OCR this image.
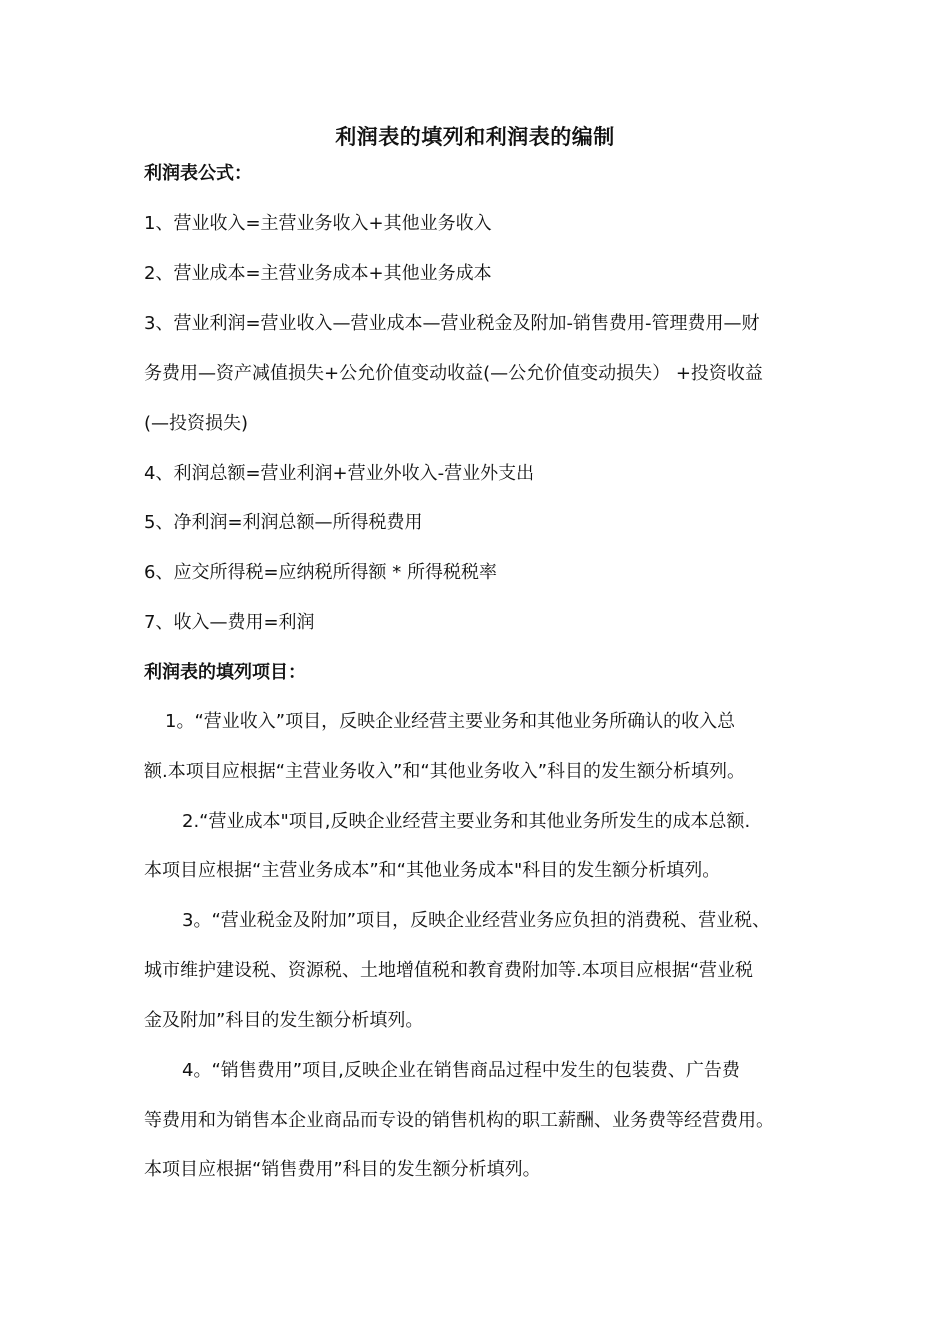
利润表的填列和利润表的编制
利润表公式：
1、营业收入=主营业务收入+其他业务收入
2、营业成本=主营业务成本+其他业务成本
3、营业利润=营业收入—营业成本—营业税金及附加-销售费用-管理费用—财
务费用—资产减值损失+公允价值变动收益(—公允价值变动损失） +投资收益
(—投资损失)
4、利润总额=营业利润+营业外收入-营业外支出
5、净利润=利润总额—所得税费用
6、应交所得税=应纳税所得额 * 所得税税率
7、收入—费用=利润
利润表的填列项目：
1。“营业收入”项目，反映企业经营主要业务和其他业务所确认的收入总
额.本项目应根据“主营业务收入”和“其他业务收入”科目的发生额分析填列。
2.“营业成本"项目,反映企业经营主要业务和其他业务所发生的成本总额.
本项目应根据“主营业务成本”和“其他业务成本"科目的发生额分析填列。
3。“营业税金及附加”项目，反映企业经营业务应负担的消费税、营业税、
城市维护建设税、资源税、土地增值税和教育费附加等.本项目应根据“营业税
金及附加”科目的发生额分析填列。
4。“销售费用”项目,反映企业在销售商品过程中发生的包装费、广告费
等费用和为销售本企业商品而专设的销售机构的职工薪酬、业务费等经营费用。
本项目应根据“销售费用”科目的发生额分析填列。
